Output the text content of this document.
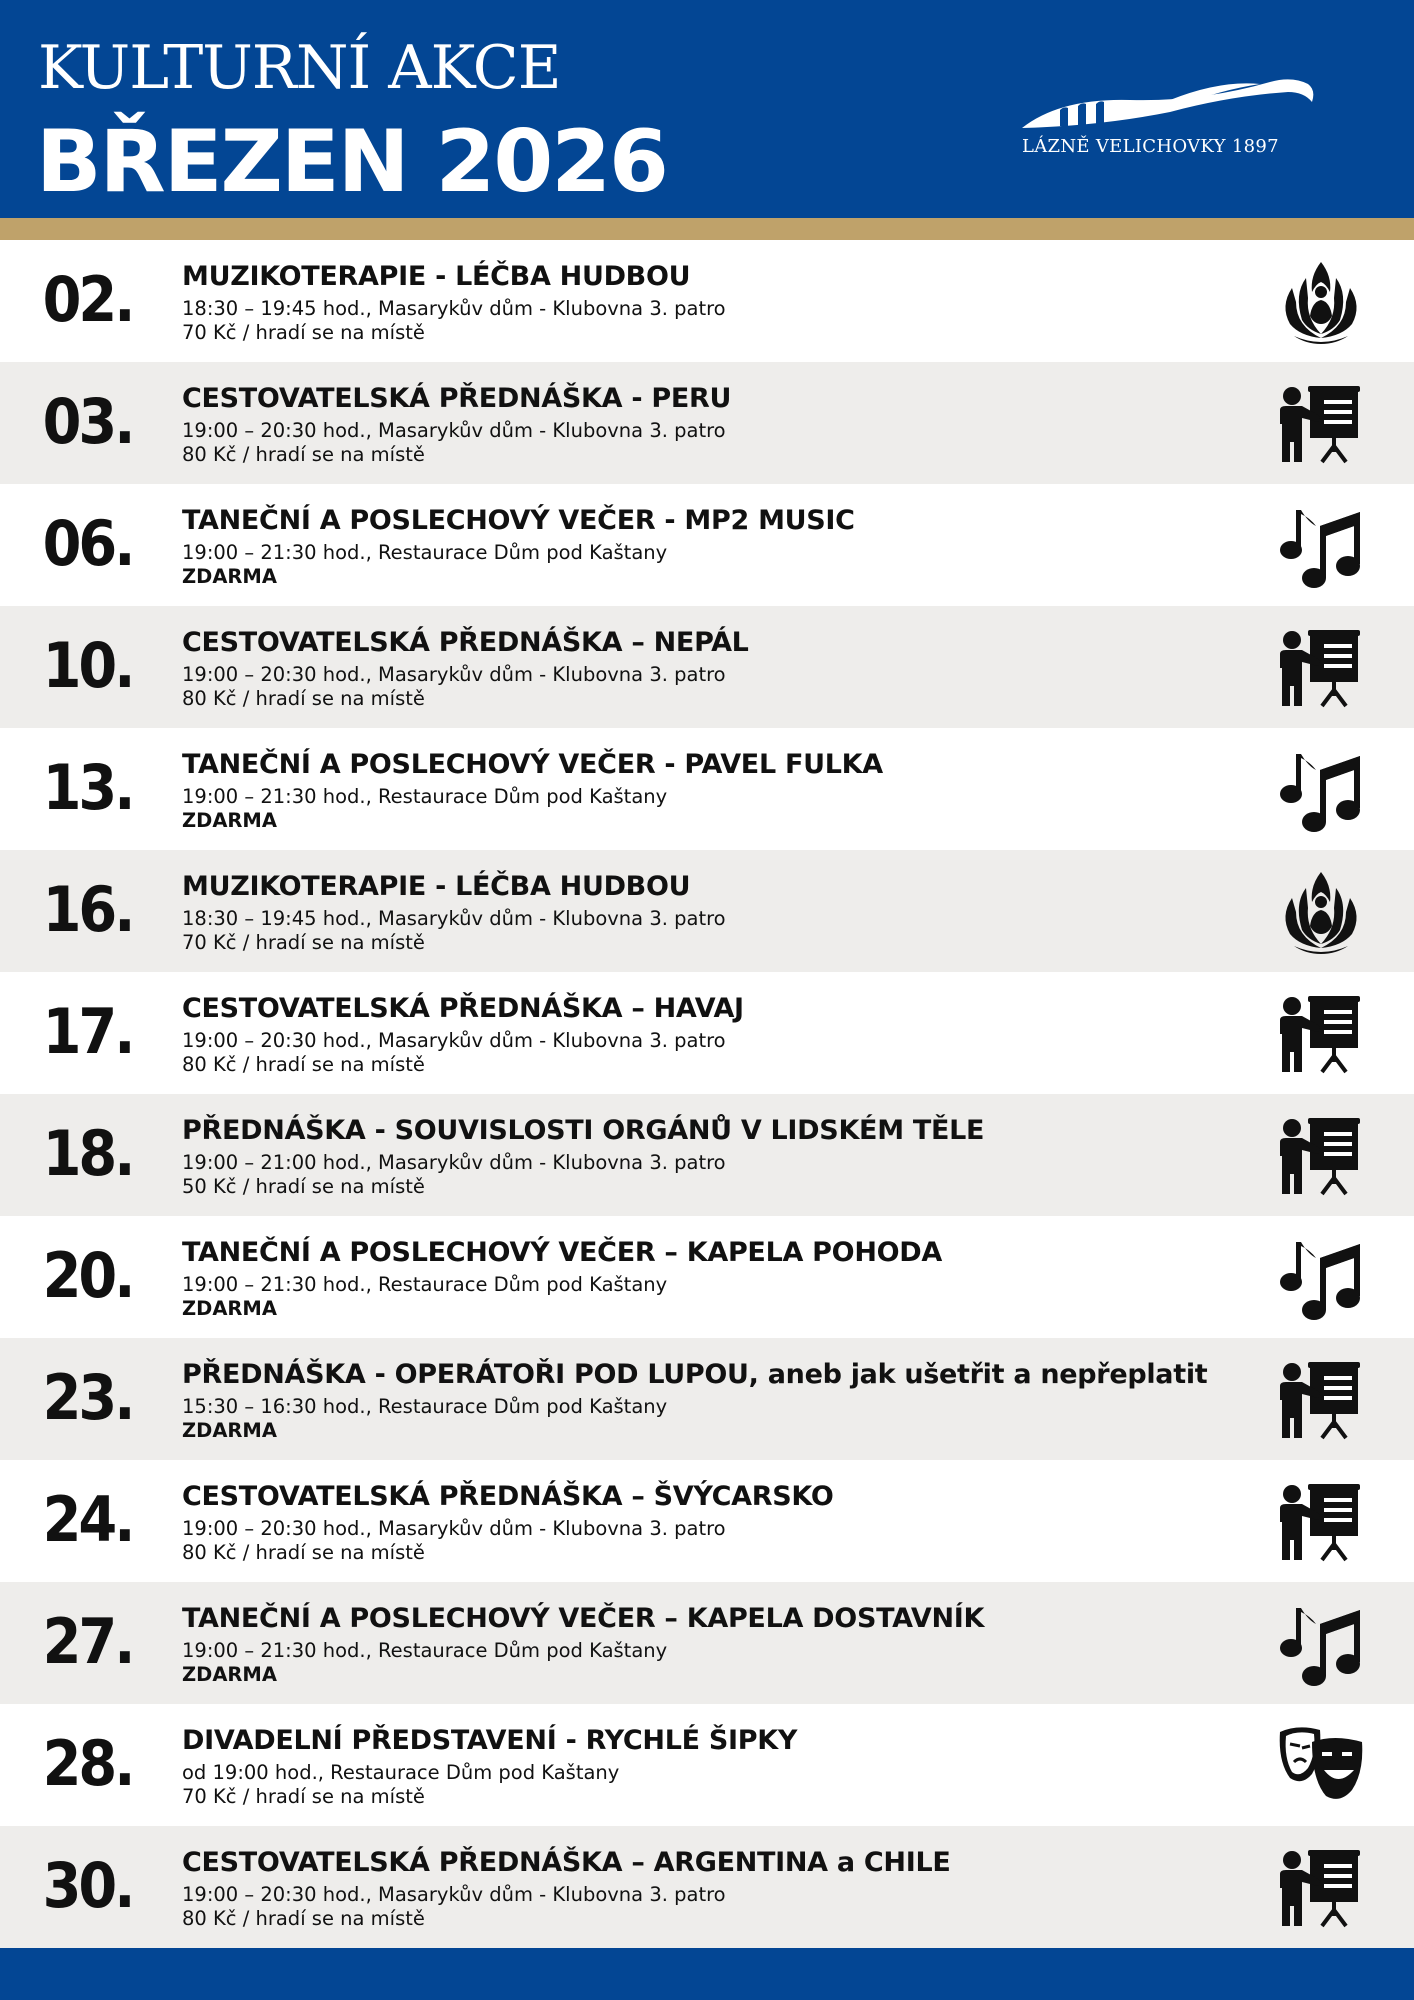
KULTURNÍ AKCE
BŘEZEN 2026	LÁZNĚ VELICHOVKY 1897
02.	MUZIKOTERAPIE - LÉČBA HUDBOU
18:30 – 19:45 hod., Masarykův dům - Klubovna 3. patro
70 Kč / hradí se na místě
03.	CESTOVATELSKÁ PŘEDNÁŠKA - PERU
19:00 – 20:30 hod., Masarykův dům - Klubovna 3. patro
80 Kč / hradí se na místě
06.	TANEČNÍ A POSLECHOVÝ VEČER - MP2 MUSIC
19:00 – 21:30 hod., Restaurace Dům pod Kaštany
ZDARMA
10.	CESTOVATELSKÁ PŘEDNÁŠKA – NEPÁL
19:00 – 20:30 hod., Masarykův dům - Klubovna 3. patro
80 Kč / hradí se na místě
13.	TANEČNÍ A POSLECHOVÝ VEČER - PAVEL FULKA
19:00 – 21:30 hod., Restaurace Dům pod Kaštany
ZDARMA
16.	MUZIKOTERAPIE - LÉČBA HUDBOU
18:30 – 19:45 hod., Masarykův dům - Klubovna 3. patro
70 Kč / hradí se na místě
17.	CESTOVATELSKÁ PŘEDNÁŠKA – HAVAJ
19:00 – 20:30 hod., Masarykův dům - Klubovna 3. patro
80 Kč / hradí se na místě
18.	PŘEDNÁŠKA - SOUVISLOSTI ORGÁNŮ V LIDSKÉM TĚLE
19:00 – 21:00 hod., Masarykův dům - Klubovna 3. patro
50 Kč / hradí se na místě
20.	TANEČNÍ A POSLECHOVÝ VEČER – KAPELA POHODA
19:00 – 21:30 hod., Restaurace Dům pod Kaštany
ZDARMA
23.	PŘEDNÁŠKA - OPERÁTOŘI POD LUPOU, aneb jak ušetřit a nepřeplatit
15:30 – 16:30 hod., Restaurace Dům pod Kaštany
ZDARMA
24.	CESTOVATELSKÁ PŘEDNÁŠKA – ŠVÝCARSKO
19:00 – 20:30 hod., Masarykův dům - Klubovna 3. patro
80 Kč / hradí se na místě
27.	TANEČNÍ A POSLECHOVÝ VEČER – KAPELA DOSTAVNÍK
19:00 – 21:30 hod., Restaurace Dům pod Kaštany
ZDARMA
28.	DIVADELNÍ PŘEDSTAVENÍ - RYCHLÉ ŠIPKY
od 19:00 hod., Restaurace Dům pod Kaštany
70 Kč / hradí se na místě
30.	CESTOVATELSKÁ PŘEDNÁŠKA – ARGENTINA a CHILE
19:00 – 20:30 hod., Masarykův dům - Klubovna 3. patro
80 Kč / hradí se na místě
